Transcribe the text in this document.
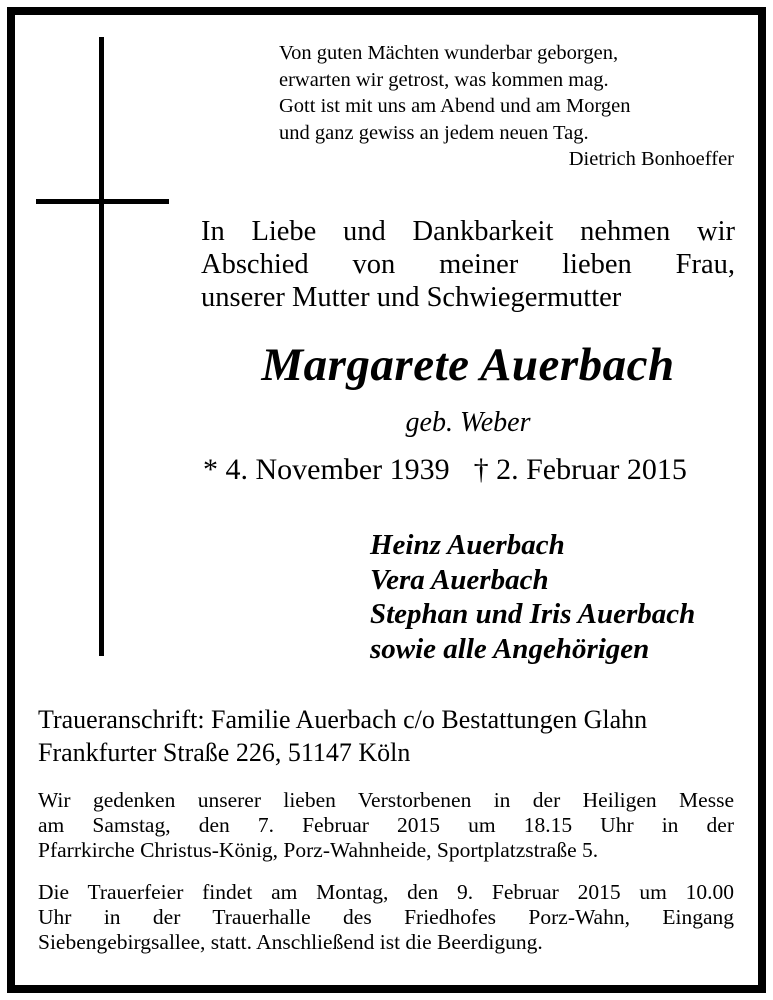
Von guten Mächten wunderbar geborgen,
erwarten wir getrost, was kommen mag.
Gott ist mit uns am Abend und am Morgen
und ganz gewiss an jedem neuen Tag.
Dietrich Bonhoeffer
In Liebe und Dankbarkeit nehmen wir
Abschied von meiner lieben Frau,
unserer Mutter und Schwiegermutter
Margarete Auerbach
geb. Weber
* 4. November 1939 † 2. Februar 2015
Heinz Auerbach
Vera Auerbach
Stephan und Iris Auerbach
sowie alle Angehörigen
Traueranschrift: Familie Auerbach c/o Bestattungen Glahn
Frankfurter Straße 226, 51147 Köln
Wir gedenken unserer lieben Verstorbenen in der Heiligen Messe
am Samstag, den 7. Februar 2015 um 18.15 Uhr in der
Pfarrkirche Christus-König, Porz-Wahnheide, Sportplatzstraße 5.
Die Trauerfeier findet am Montag, den 9. Februar 2015 um 10.00
Uhr in der Trauerhalle des Friedhofes Porz-Wahn, Eingang
Siebengebirgsallee, statt. Anschließend ist die Beerdigung.
